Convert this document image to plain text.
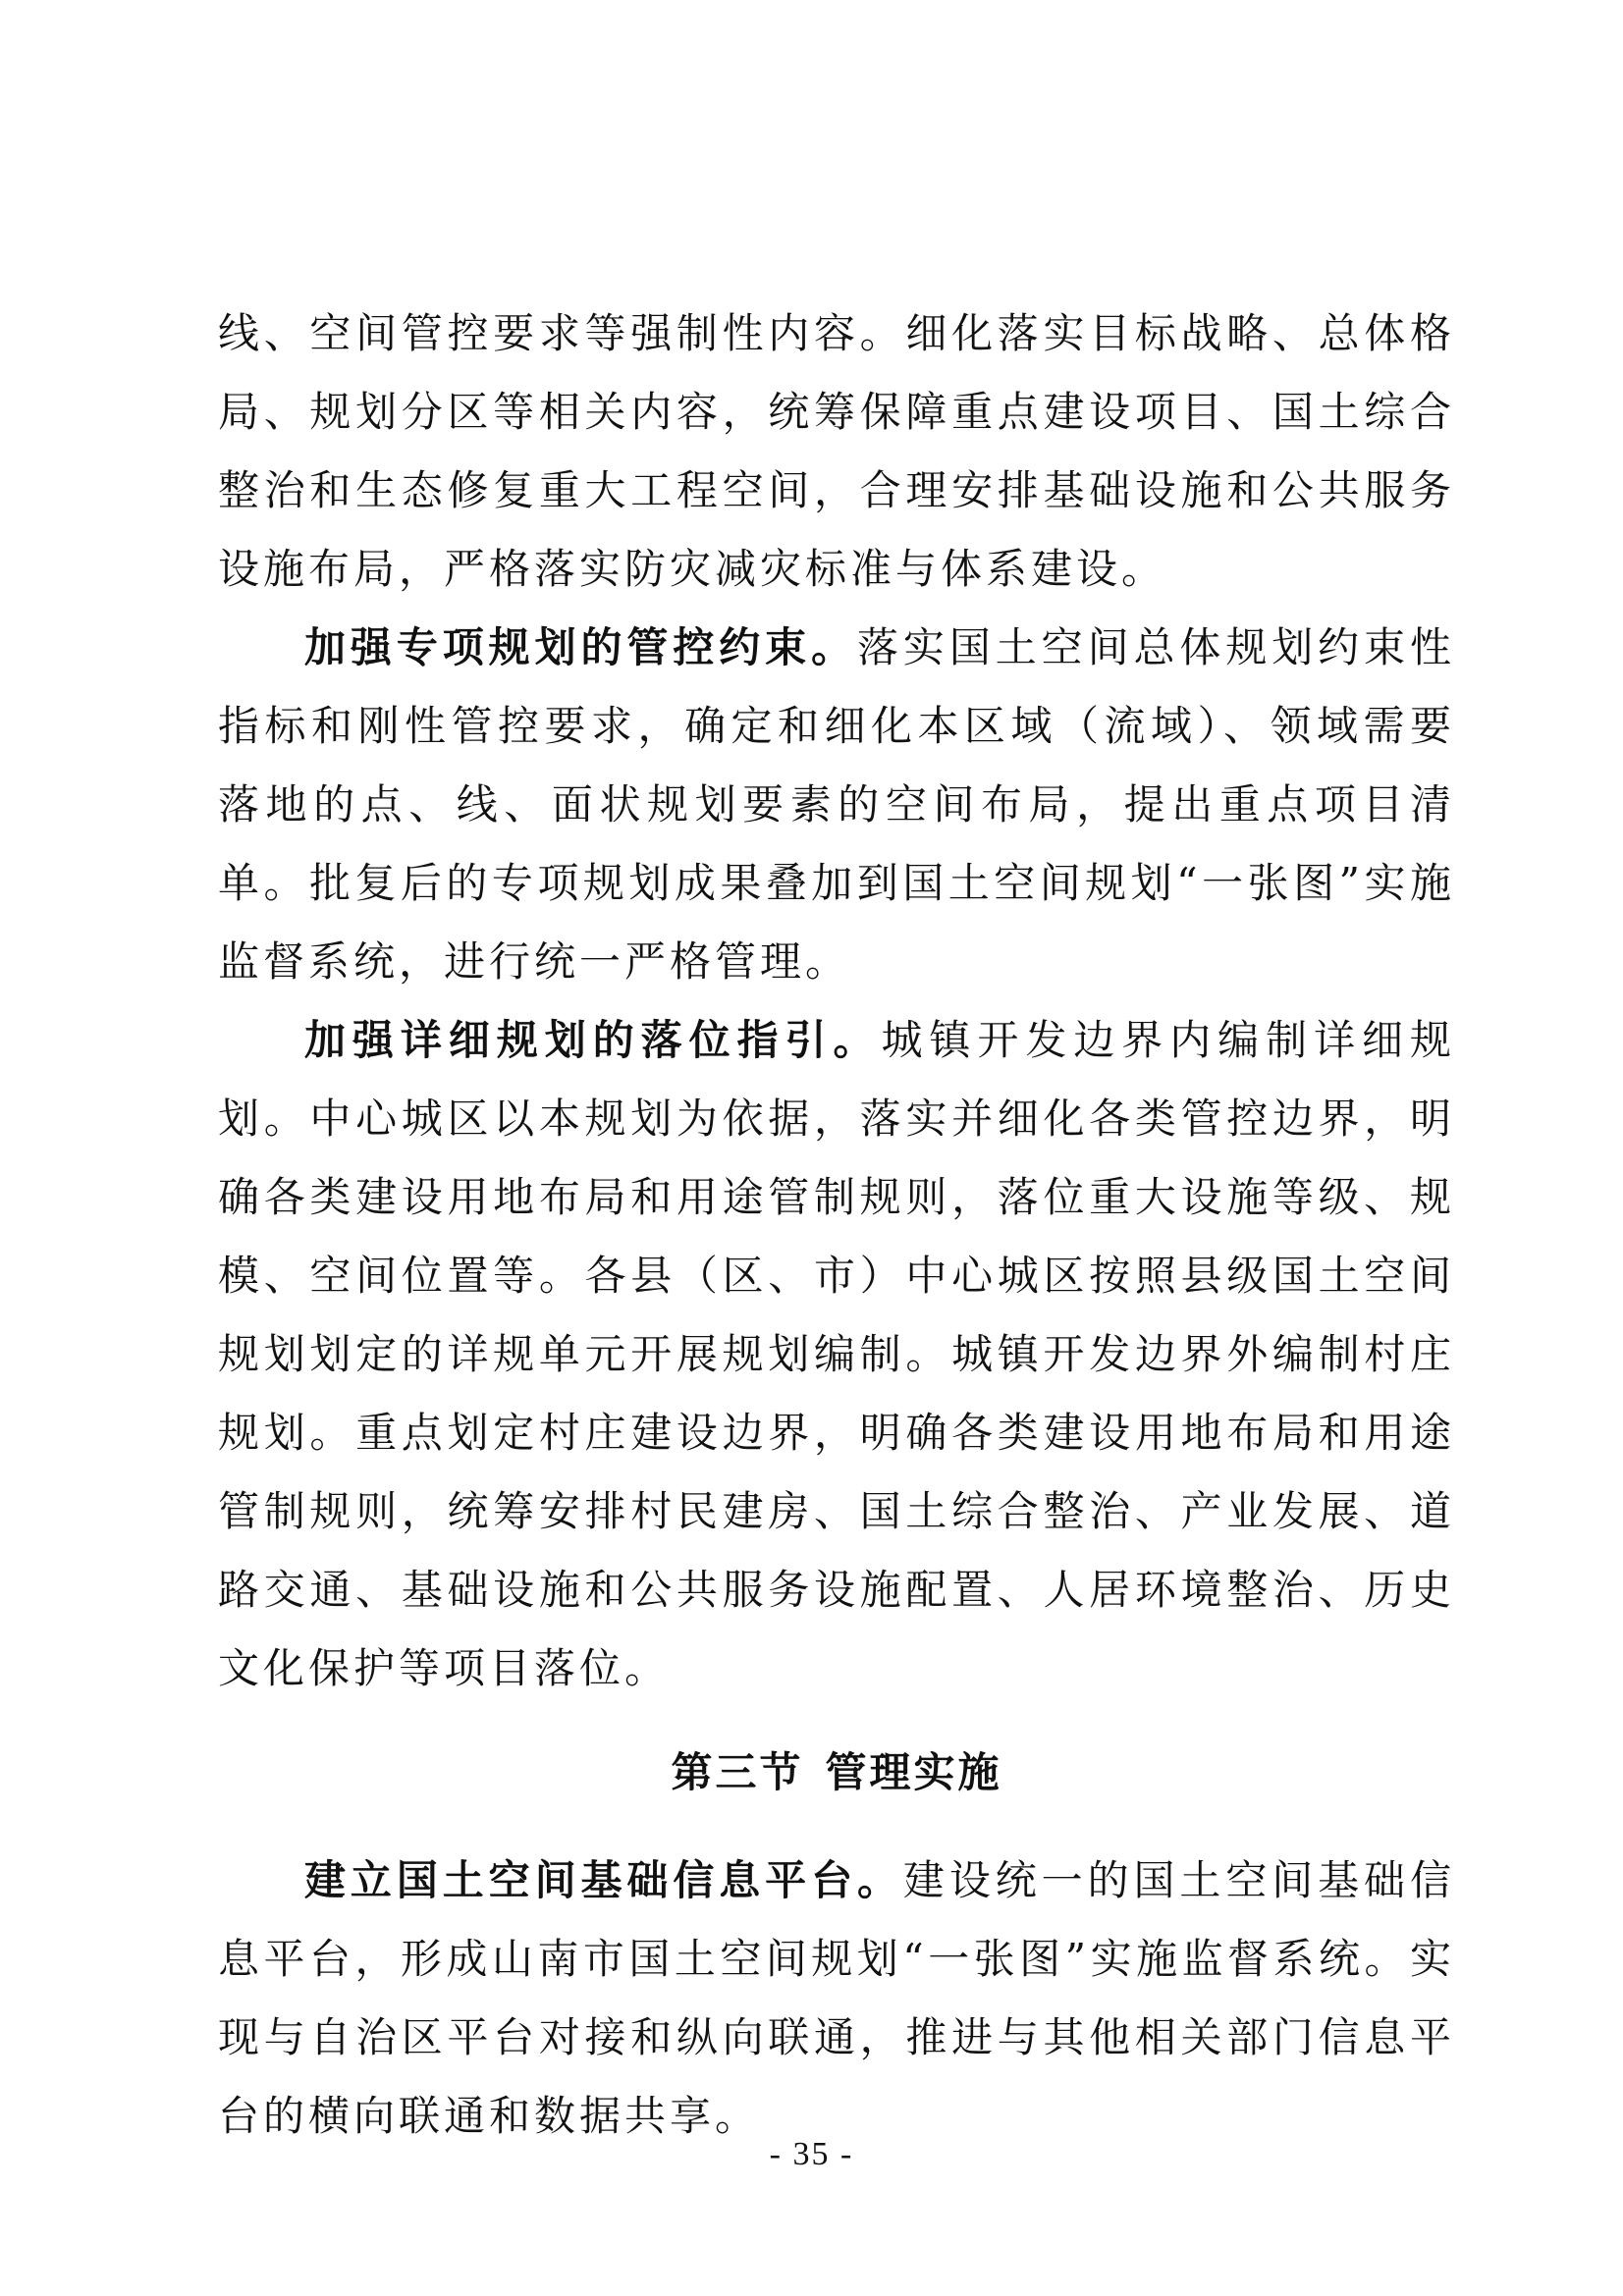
线、空间管控要求等强制性内容。细化落实目标战略、总体格局、规划分区等相关内容，统筹保障重点建设项目、国土综合整治和生态修复重大工程空间，合理安排基础设施和公共服务设施布局，严格落实防灾减灾标准与体系建设。

加强专项规划的管控约束。落实国土空间总体规划约束性指标和刚性管控要求，确定和细化本区域（流域）、领域需要落地的点、线、面状规划要素的空间布局，提出重点项目清单。批复后的专项规划成果叠加到国土空间规划“一张图”实施监督系统，进行统一严格管理。

加强详细规划的落位指引。城镇开发边界内编制详细规划。中心城区以本规划为依据，落实并细化各类管控边界，明确各类建设用地布局和用途管制规则，落位重大设施等级、规模、空间位置等。各县（区、市）中心城区按照县级国土空间规划划定的详规单元开展规划编制。城镇开发边界外编制村庄规划。重点划定村庄建设边界，明确各类建设用地布局和用途管制规则，统筹安排村民建房、国土综合整治、产业发展、道路交通、基础设施和公共服务设施配置、人居环境整治、历史文化保护等项目落位。

第三节 管理实施

建立国土空间基础信息平台。建设统一的国土空间基础信息平台，形成山南市国土空间规划“一张图”实施监督系统。实现与自治区平台对接和纵向联通，推进与其他相关部门信息平台的横向联通和数据共享。

- 35 -
